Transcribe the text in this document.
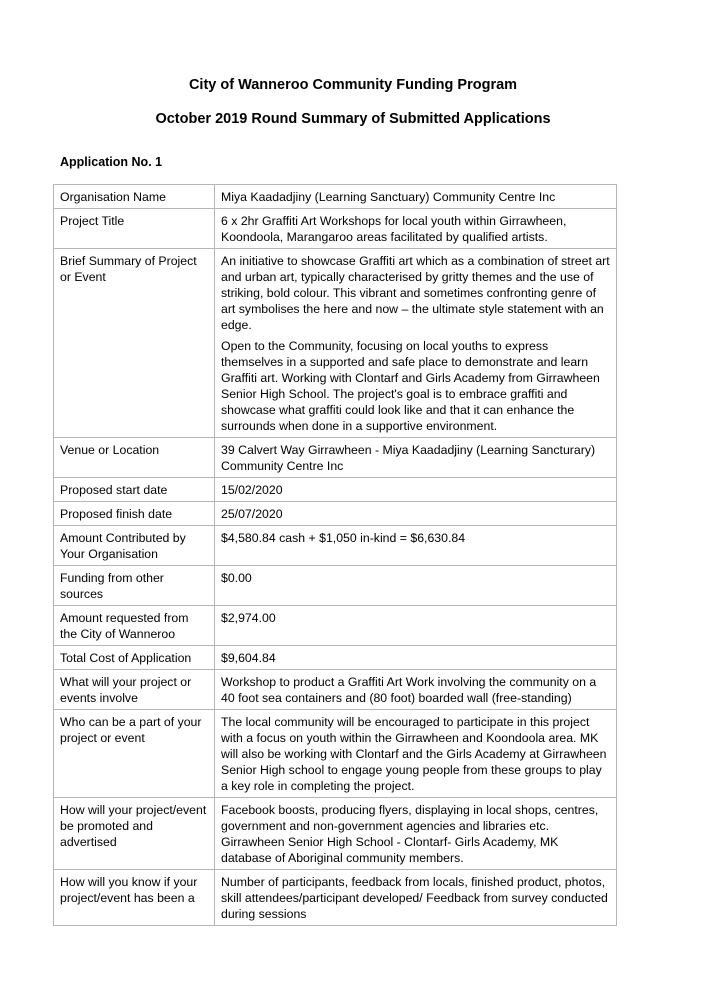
City of Wanneroo Community Funding Program
October 2019 Round Summary of Submitted Applications
Application No. 1
Organisation Name	Miya Kaadadjiny (Learning Sanctuary) Community Centre Inc

Project Title	6 x 2hr Graffiti Art Workshops for local youth within Girrawheen, Koondoola, Marangaroo areas facilitated by qualified artists.

Brief Summary of Project or Event	An initiative to showcase Graffiti art which as a combination of street art and urban art, typically characterised by gritty themes and the use of striking, bold colour. This vibrant and sometimes confronting genre of art symbolises the here and now – the ultimate style statement with an edge.
Open to the Community, focusing on local youths to express themselves in a supported and safe place to demonstrate and learn Graffiti art. Working with Clontarf and Girls Academy from Girrawheen Senior High School. The project's goal is to embrace graffiti and showcase what graffiti could look like and that it can enhance the surrounds when done in a supportive environment.

Venue or Location	39 Calvert Way Girrawheen - Miya Kaadadjiny (Learning Sancturary) Community Centre Inc

Proposed start date	15/02/2020

Proposed finish date	25/07/2020

Amount Contributed by Your Organisation	$4,580.84 cash + $1,050 in-kind = $6,630.84

Funding from other sources	$0.00

Amount requested from the City of Wanneroo	$2,974.00

Total Cost of Application	$9,604.84

What will your project or events involve	Workshop to product a Graffiti Art Work involving the community on a 40 foot sea containers and (80 foot) boarded wall (free-standing)

Who can be a part of your project or event	The local community will be encouraged to participate in this project with a focus on youth within the Girrawheen and Koondoola area. MK will also be working with Clontarf and the Girls Academy at Girrawheen Senior High school to engage young people from these groups to play a key role in completing the project.

How will your project/event be promoted and advertised	Facebook boosts, producing flyers, displaying in local shops, centres, government and non-government agencies and libraries etc. Girrawheen Senior High School - Clontarf- Girls Academy, MK database of Aboriginal community members.

How will you know if your project/event has been a	Number of participants, feedback from locals, finished product, photos, skill attendees/participant developed/ Feedback from survey conducted during sessions
